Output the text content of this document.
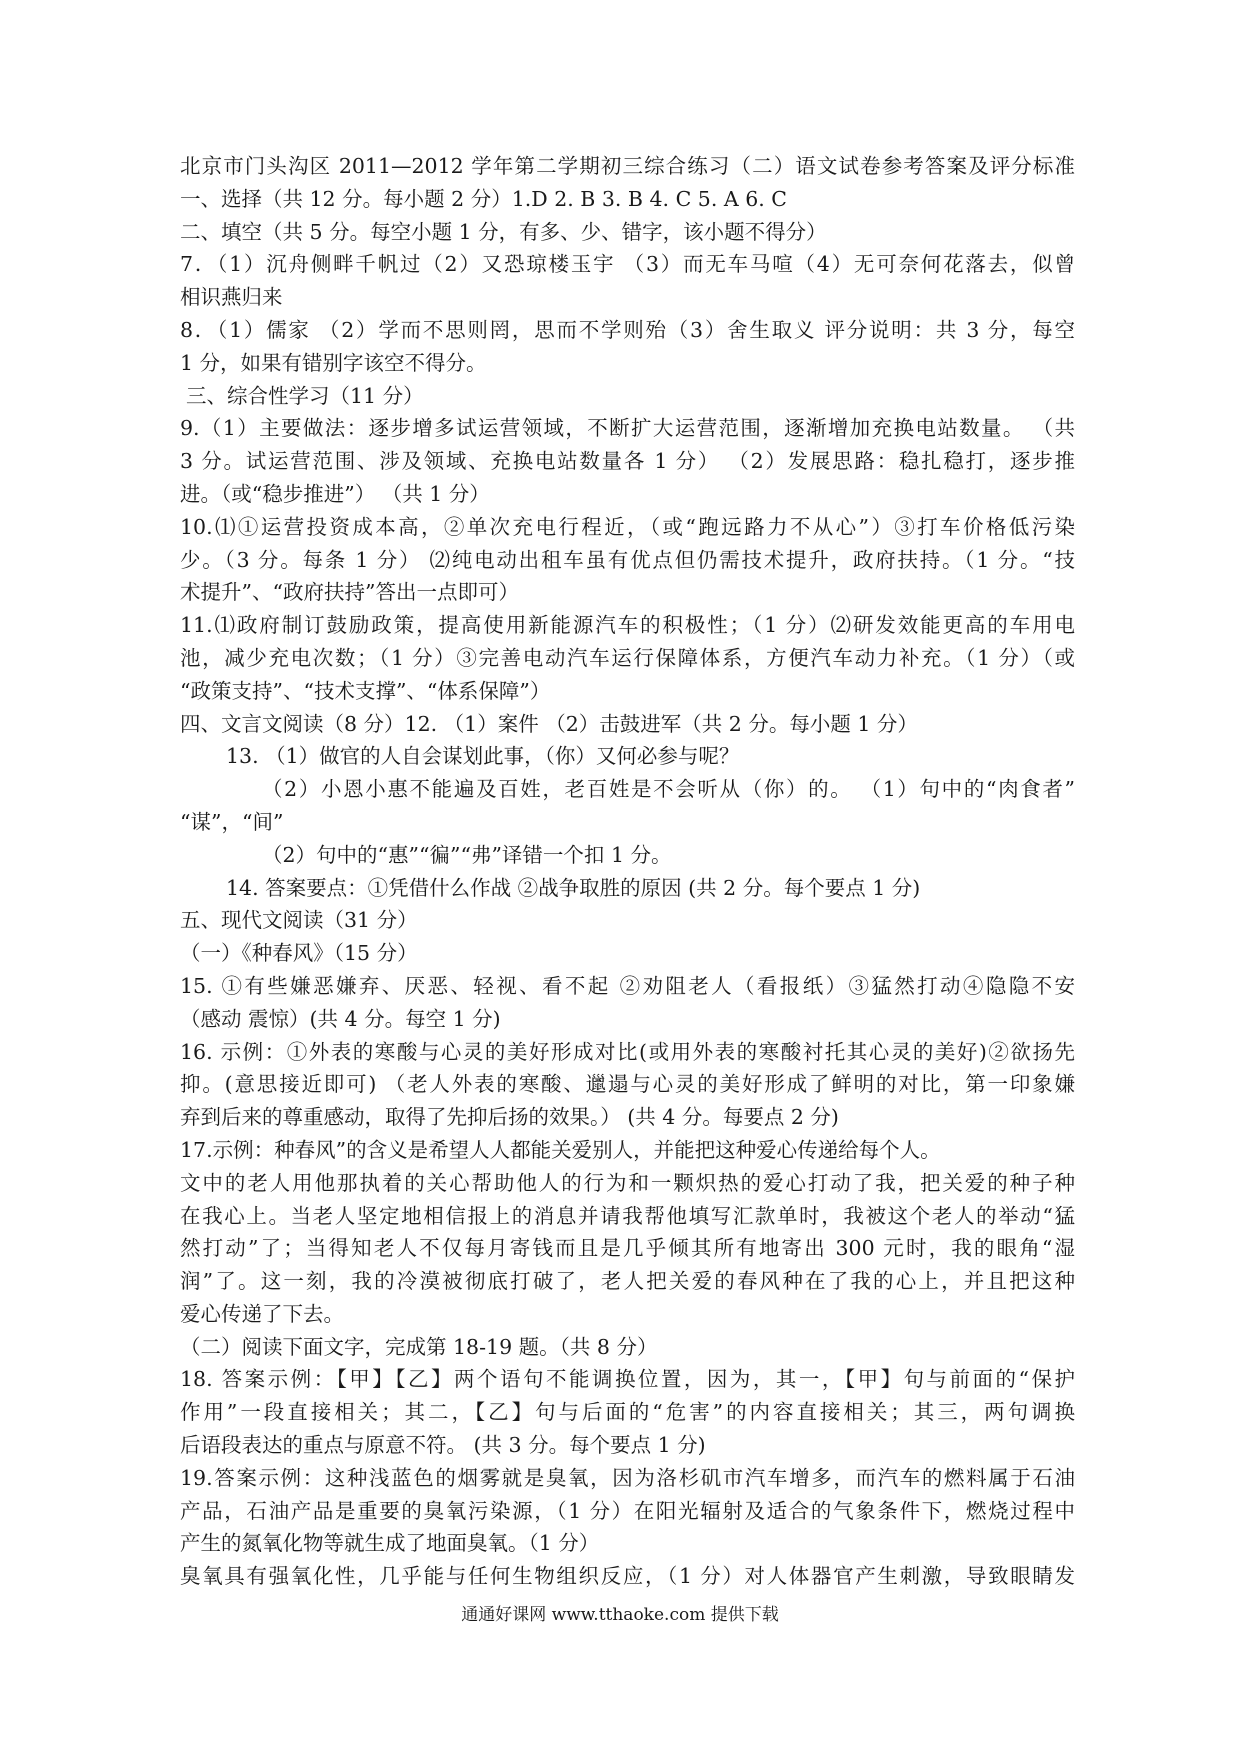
北京市门头沟区 2011—2012 学年第二学期初三综合练习（二）语文试卷参考答案及评分标准
一、选择（共 12 分。每小题 2 分）1.D 2. B 3. B 4. C 5. A 6. C
二、填空（共 5 分。每空小题 1 分，有多、少、错字，该小题不得分）
7．（1）沉舟侧畔千帆过（2）又恐琼楼玉宇 （3）而无车马喧（4）无可奈何花落去，似曾
相识燕归来
8．（1）儒家 （2）学而不思则罔，思而不学则殆（3）舍生取义 评分说明：共 3 分，每空
1 分，如果有错别字该空不得分。
三、综合性学习（11 分）
9.（1）主要做法：逐步增多试运营领域，不断扩大运营范围，逐渐增加充换电站数量。 （共
3 分。试运营范围、涉及领域、充换电站数量各 1 分） （2）发展思路：稳扎稳打，逐步推
进。（或“稳步推进”） （共 1 分）
10.⑴①运营投资成本高，②单次充电行程近，（或“跑远路力不从心”）③打车价格低污染
少。（3 分。每条 1 分） ⑵纯电动出租车虽有优点但仍需技术提升，政府扶持。（1 分。“技
术提升”、“政府扶持”答出一点即可）
11.⑴政府制订鼓励政策，提高使用新能源汽车的积极性；（1 分）⑵研发效能更高的车用电
池，减少充电次数；（1 分）③完善电动汽车运行保障体系，方便汽车动力补充。（1 分）（或
“政策支持”、“技术支撑”、“体系保障”）
四、文言文阅读（8 分）12. （1）案件 （2）击鼓进军（共 2 分。每小题 1 分）
13. （1）做官的人自会谋划此事，（你）又何必参与呢？
（2）小恩小惠不能遍及百姓，老百姓是不会听从（你）的。 （1）句中的“肉食者”
“谋”，“间”
（2）句中的“惠”“徧”“弗”译错一个扣 1 分。
14. 答案要点：①凭借什么作战 ②战争取胜的原因 (共 2 分。每个要点 1 分)
五、现代文阅读（31 分）
（一）《种春风》（15 分）
15. ①有些嫌恶嫌弃、厌恶、轻视、看不起 ②劝阻老人（看报纸）③猛然打动④隐隐不安
（感动 震惊）(共 4 分。每空 1 分)
16. 示例：①外表的寒酸与心灵的美好形成对比(或用外表的寒酸衬托其心灵的美好)②欲扬先
抑。(意思接近即可) （老人外表的寒酸、邋遢与心灵的美好形成了鲜明的对比，第一印象嫌
弃到后来的尊重感动，取得了先抑后扬的效果。） (共 4 分。每要点 2 分)
17.示例：种春风”的含义是希望人人都能关爱别人，并能把这种爱心传递给每个人。
文中的老人用他那执着的关心帮助他人的行为和一颗炽热的爱心打动了我，把关爱的种子种
在我心上。当老人坚定地相信报上的消息并请我帮他填写汇款单时，我被这个老人的举动“猛
然打动”了；当得知老人不仅每月寄钱而且是几乎倾其所有地寄出 300 元时，我的眼角“湿
润”了。这一刻，我的冷漠被彻底打破了，老人把关爱的春风种在了我的心上，并且把这种
爱心传递了下去。
（二）阅读下面文字，完成第 18-19 题。（共 8 分）
18. 答案示例：【甲】【乙】两个语句不能调换位置，因为，其一，【甲】句与前面的“保护
作用”一段直接相关；其二，【乙】句与后面的“危害”的内容直接相关；其三，两句调换
后语段表达的重点与原意不符。 (共 3 分。每个要点 1 分)
19.答案示例：这种浅蓝色的烟雾就是臭氧，因为洛杉矶市汽车增多，而汽车的燃料属于石油
产品，石油产品是重要的臭氧污染源，（1 分）在阳光辐射及适合的气象条件下，燃烧过程中
产生的氮氧化物等就生成了地面臭氧。（1 分）
臭氧具有强氧化性，几乎能与任何生物组织反应，（1 分）对人体器官产生刺激，导致眼睛发
通通好课网 www.tthaoke.com 提供下载
